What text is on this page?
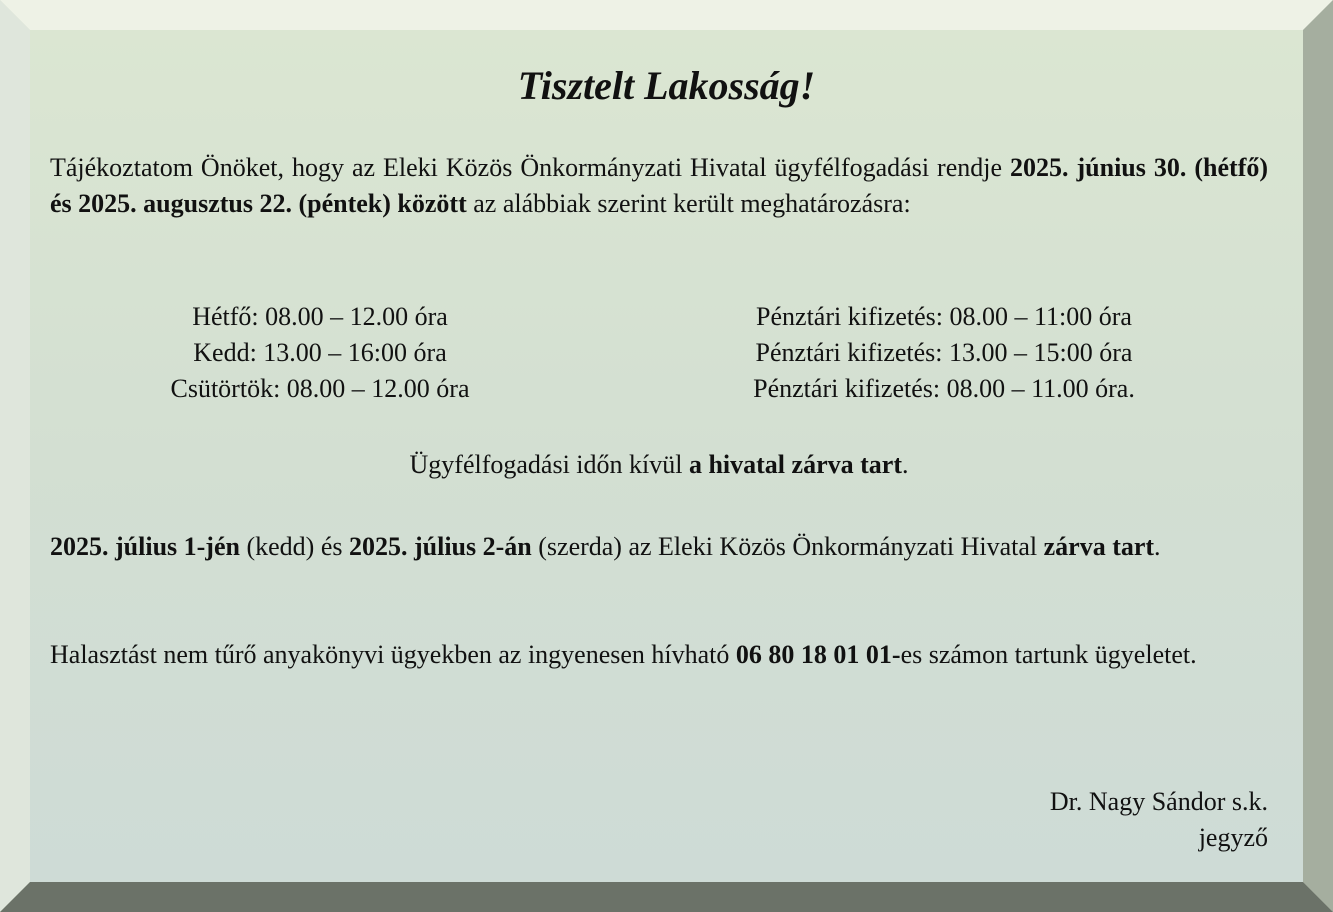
Tisztelt Lakosság!

Tájékoztatom Önöket, hogy az Eleki Közös Önkormányzati Hivatal ügyfélfogadási rendje 2025. június 30. (hétfő) és 2025. augusztus 22. (péntek) között az alábbiak szerint került meghatározásra:

Hétfő: 08.00 – 12.00 óra
Kedd: 13.00 – 16:00 óra
Csütörtök: 08.00 – 12.00 óra
Pénztári kifizetés: 08.00 – 11:00 óra
Pénztári kifizetés: 13.00 – 15:00 óra
Pénztári kifizetés: 08.00 – 11.00 óra.

Ügyfélfogadási időn kívül a hivatal zárva tart.

2025. július 1-jén (kedd) és 2025. július 2-án (szerda) az Eleki Közös Önkormányzati Hivatal zárva tart.

Halasztást nem tűrő anyakönyvi ügyekben az ingyenesen hívható 06 80 18 01 01-es számon tartunk ügyeletet.

Dr. Nagy Sándor s.k.
jegyző
